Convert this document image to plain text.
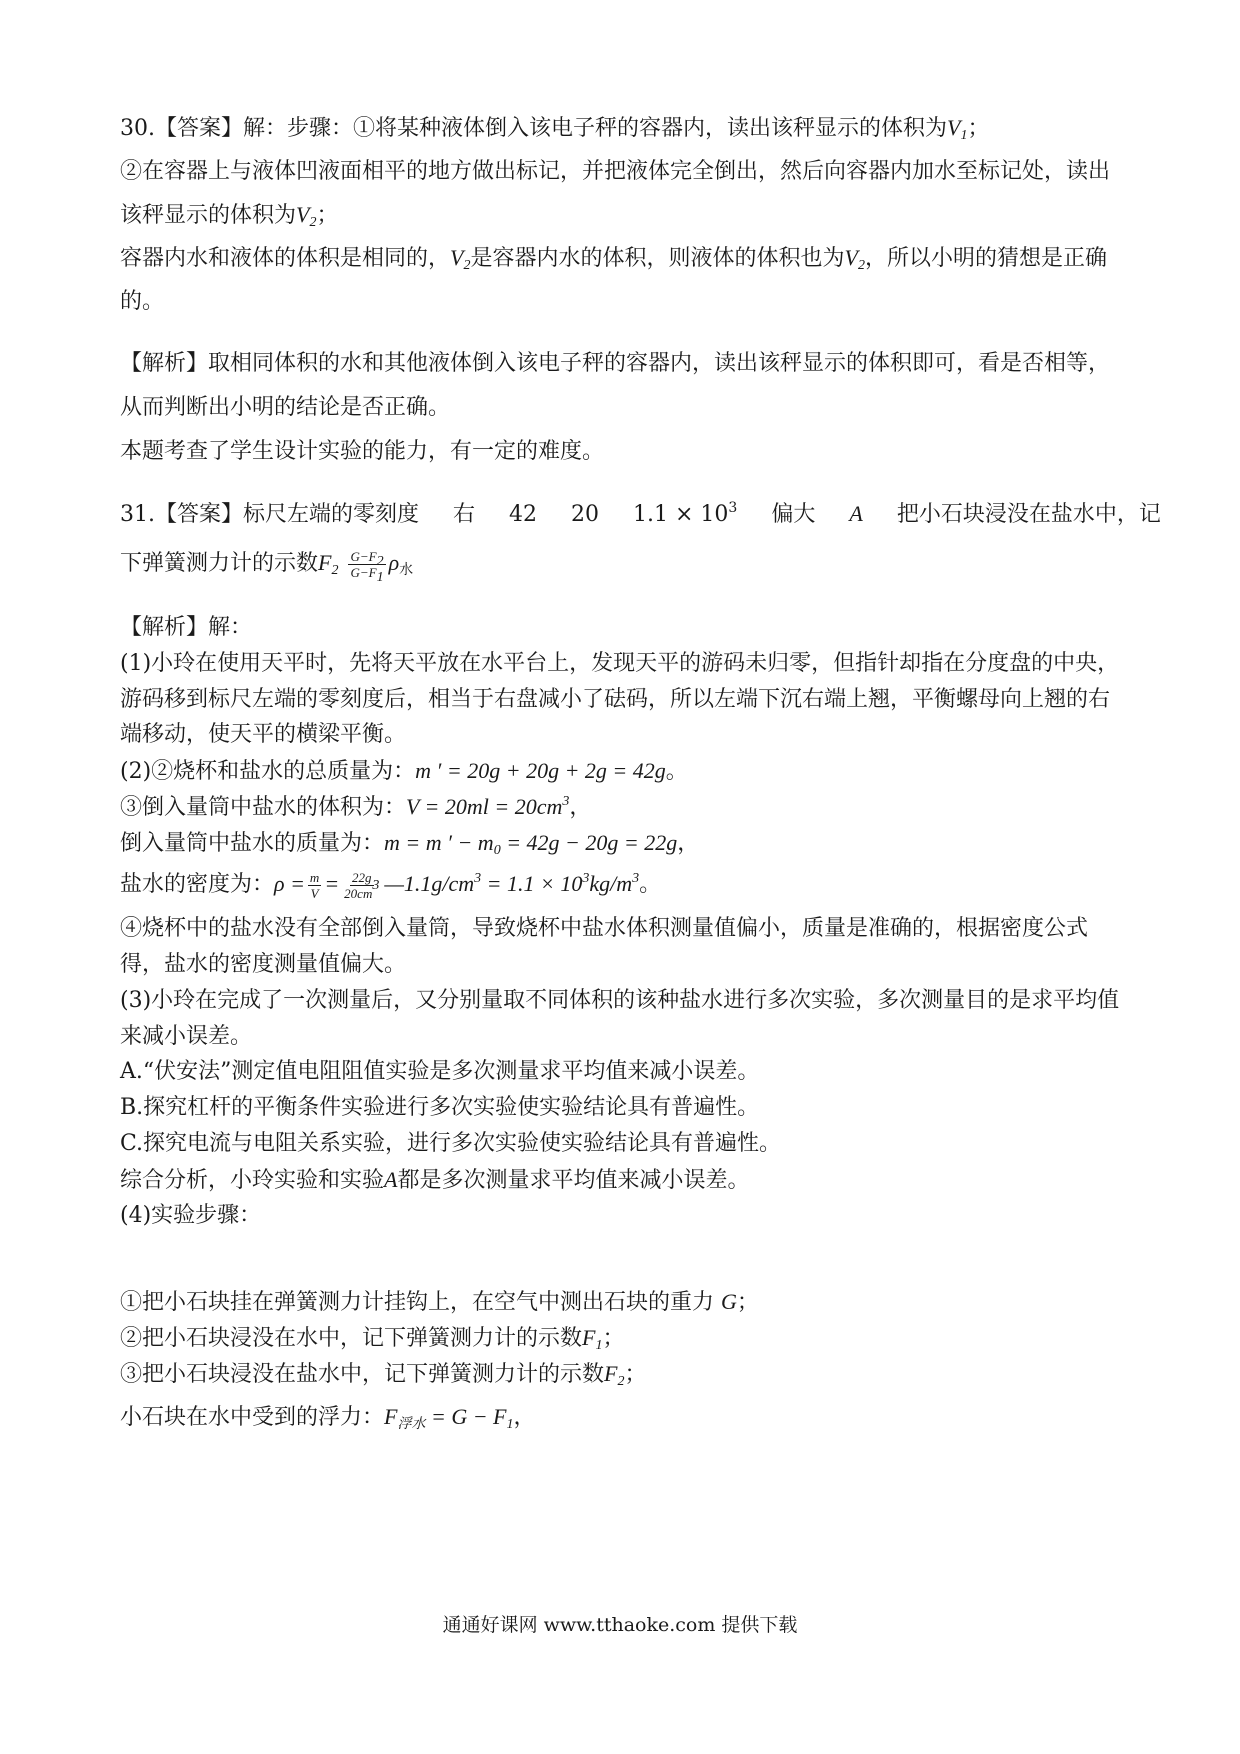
30.【答案】解：步骤：①将某种液体倒入该电子秤的容器内，读出该秤显示的体积为$V_1$；
②在容器上与液体凹液面相平的地方做出标记，并把液体完全倒出，然后向容器内加水至标记处，读出
该秤显示的体积为$V_2$；
容器内水和液体的体积是相同的，$V_2$是容器内水的体积，则液体的体积也为$V_2$，所以小明的猜想是正确
的。
【解析】取相同体积的水和其他液体倒入该电子秤的容器内，读出该秤显示的体积即可，看是否相等，
从而判断出小明的结论是否正确。
本题考查了学生设计实验的能力，有一定的难度。
31.【答案】标尺左端的零刻度 右 42 20 $1.1 \times 10^3$ 偏大 A 把小石块浸没在盐水中，记
下弹簧测力计的示数$F_2 \frac{G-F_2}{G-F_1} \rho_水$
【解析】解：
(1)小玲在使用天平时，先将天平放在水平台上，发现天平的游码未归零，但指针却指在分度盘的中央，
游码移到标尺左端的零刻度后，相当于右盘减小了砝码，所以左端下沉右端上翘，平衡螺母向上翘的右
端移动，使天平的横梁平衡。
(2)②烧杯和盐水的总质量为：m ′ = 20g + 20g + 2g = 42g。
③倒入量筒中盐水的体积为：$V = 20ml = 20cm^3$，
倒入量筒中盐水的质量为：m = m ′ − $m_0 = 42g - 20g = 22g$，
盐水的密度为：$\rho = \frac{m}{V} = \frac{22g}{20cm^3}$ $—1.1g/cm^3 = 1.1 \times 10^3kg/m^3$。
④烧杯中的盐水没有全部倒入量筒，导致烧杯中盐水体积测量值偏小，质量是准确的，根据密度公式
得，盐水的密度测量值偏大。
(3)小玲在完成了一次测量后，又分别量取不同体积的该种盐水进行多次实验，多次测量目的是求平均值
来减小误差。
A.“伏安法”测定值电阻阻值实验是多次测量求平均值来减小误差。
B.探究杠杆的平衡条件实验进行多次实验使实验结论具有普遍性。
C.探究电流与电阻关系实验，进行多次实验使实验结论具有普遍性。
综合分析，小玲实验和实验A都是多次测量求平均值来减小误差。
(4)实验步骤：
①把小石块挂在弹簧测力计挂钩上，在空气中测出石块的重力 G；
②把小石块浸没在水中，记下弹簧测力计的示数$F_1$；
③把小石块浸没在盐水中，记下弹簧测力计的示数$F_2$；
小石块在水中受到的浮力：$F_{浮水} = G - F_1$，
通通好课网 www.tthaoke.com 提供下载
